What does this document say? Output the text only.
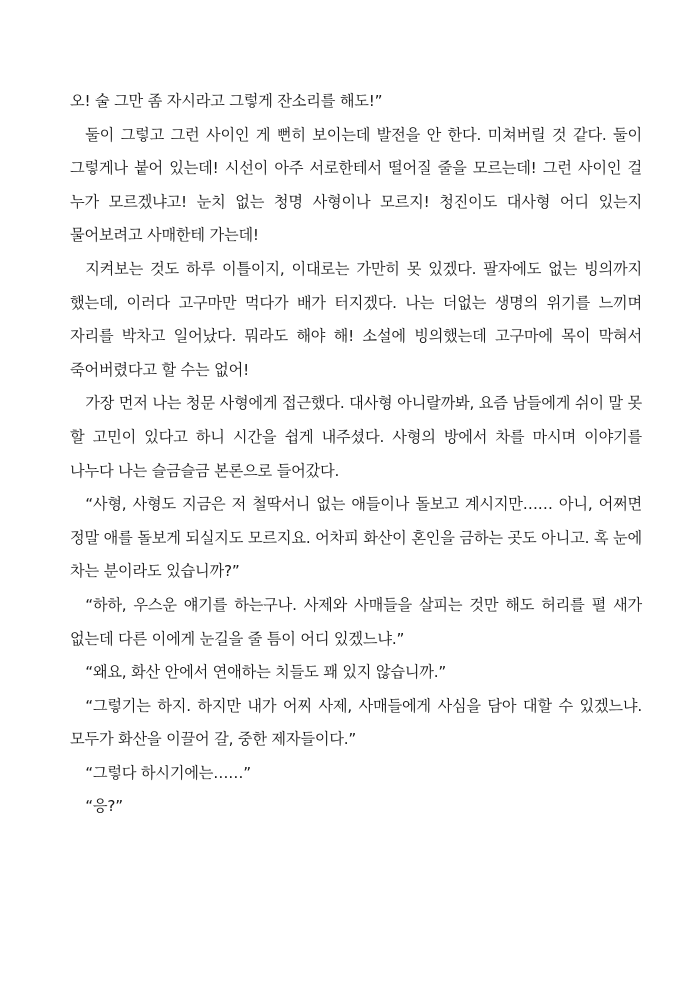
오! 술 그만 좀 자시라고 그렇게 잔소리를 해도!”

둘이 그렇고 그런 사이인 게 뻔히 보이는데 발전을 안 한다. 미쳐버릴 것 같다. 둘이 그렇게나 붙어 있는데! 시선이 아주 서로한테서 떨어질 줄을 모르는데! 그런 사이인 걸 누가 모르겠냐고! 눈치 없는 청명 사형이나 모르지! 청진이도 대사형 어디 있는지 물어보려고 사매한테 가는데!

지켜보는 것도 하루 이틀이지, 이대로는 가만히 못 있겠다. 팔자에도 없는 빙의까지 했는데, 이러다 고구마만 먹다가 배가 터지겠다. 나는 더없는 생명의 위기를 느끼며 자리를 박차고 일어났다. 뭐라도 해야 해! 소설에 빙의했는데 고구마에 목이 막혀서 죽어버렸다고 할 수는 없어!

가장 먼저 나는 청문 사형에게 접근했다. 대사형 아니랄까봐, 요즘 남들에게 쉬이 말 못 할 고민이 있다고 하니 시간을 쉽게 내주셨다. 사형의 방에서 차를 마시며 이야기를 나누다 나는 슬금슬금 본론으로 들어갔다.

“사형, 사형도 지금은 저 철딱서니 없는 애들이나 돌보고 계시지만…… 아니, 어쩌면 정말 애를 돌보게 되실지도 모르지요. 어차피 화산이 혼인을 금하는 곳도 아니고. 혹 눈에 차는 분이라도 있습니까?”

“하하, 우스운 얘기를 하는구나. 사제와 사매들을 살피는 것만 해도 허리를 펼 새가 없는데 다른 이에게 눈길을 줄 틈이 어디 있겠느냐.”

“왜요, 화산 안에서 연애하는 치들도 꽤 있지 않습니까.”

“그렇기는 하지. 하지만 내가 어찌 사제, 사매들에게 사심을 담아 대할 수 있겠느냐. 모두가 화산을 이끌어 갈, 중한 제자들이다.”

“그렇다 하시기에는……”

“응?”
